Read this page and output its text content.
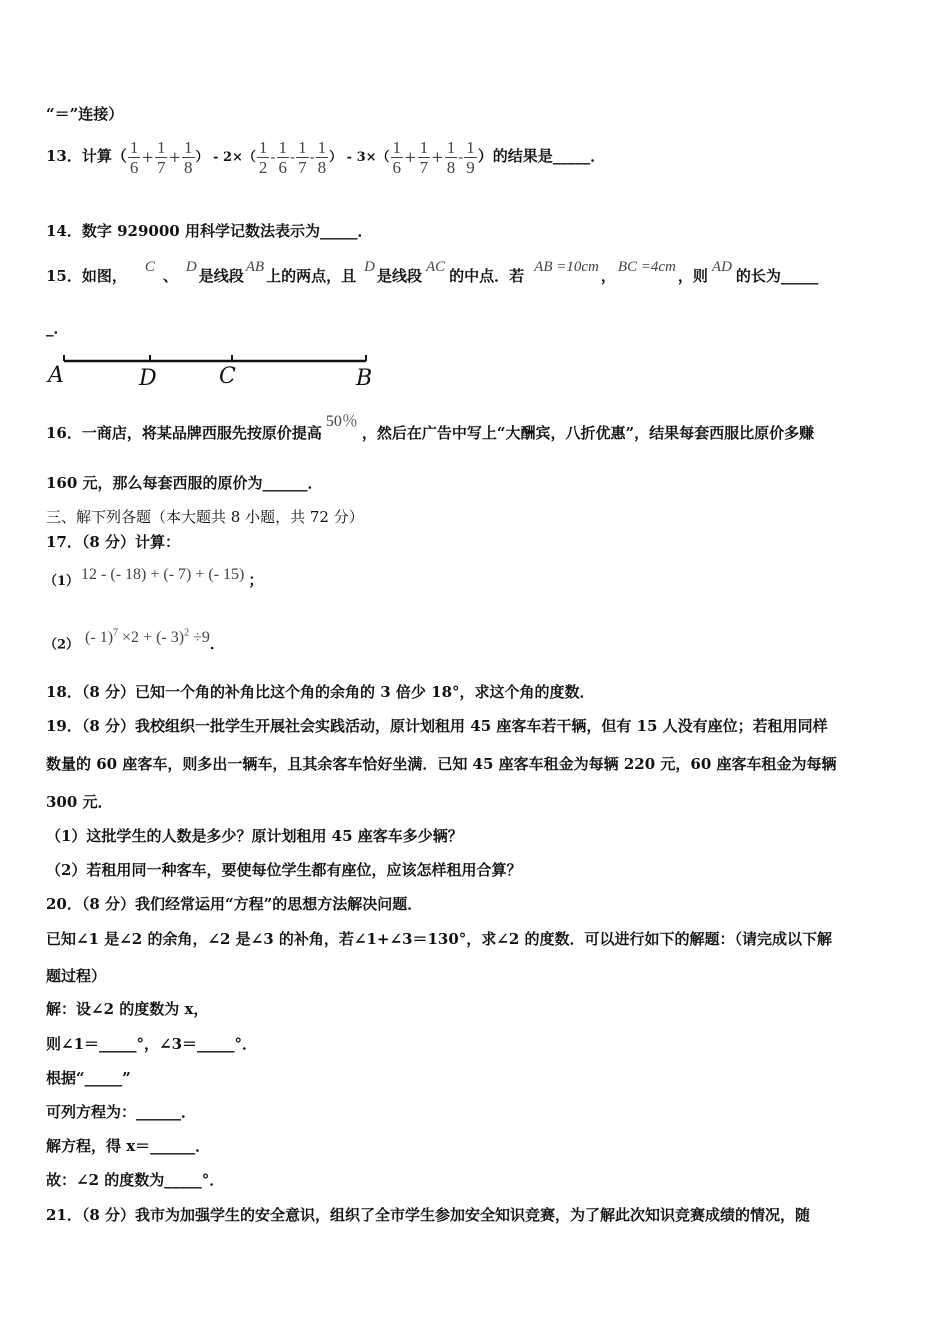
“＝”连接）
13．计算（ $\frac{1}{6} + \frac{1}{7} + \frac{1}{8}$ ） - $2\times( \frac{1}{2} - \frac{1}{6} - \frac{1}{7} - \frac{1}{8}$ ） - $3\times( \frac{1}{6} + \frac{1}{7} + \frac{1}{8} - \frac{1}{9}$ ）的结果是_____．
14．数字 929000 用科学记数法表示为_____．
15．如图， C 、 D 是线段 AB 上的两点，且 D 是线段 AC 的中点．若 AB =10cm ， BC =4cm ，则 AD 的长为_____
_．
A	D	C	B
16．一商店，将某品牌西服先按原价提高50％，然后在广告中写上“大酬宾，八折优惠”，结果每套西服比原价多赚
160 元，那么每套西服的原价为______．
三、解下列各题（本大题共 8 小题，共 72 分）
17．（8 分）计算：
（1） 12 - (- 18) + (- 7) + (- 15) ；
（2） (- 1)$^7$ ×2 + (- 3)$^2$ ÷9．
18．（8 分）已知一个角的补角比这个角的余角的 3 倍少 18°，求这个角的度数．
19．（8 分）我校组织一批学生开展社会实践活动，原计划租用 45 座客车若干辆，但有 15 人没有座位；若租用同样
数量的 60 座客车，则多出一辆车，且其余客车恰好坐满．已知 45 座客车租金为每辆 220 元，60 座客车租金为每辆
300 元．
（1）这批学生的人数是多少？原计划租用 45 座客车多少辆？
（2）若租用同一种客车，要使每位学生都有座位，应该怎样租用合算？
20．（8 分）我们经常运用“方程”的思想方法解决问题．
已知∠1 是∠2 的余角，∠2 是∠3 的补角，若∠1+∠3＝130°，求∠2 的度数．可以进行如下的解题：（请完成以下解
题过程）
解：设∠2 的度数为 x，
则∠1＝_____°，∠3＝_____°．
根据“_____”
可列方程为：______．
解方程，得 x＝______．
故：∠2 的度数为_____°．
21．（8 分）我市为加强学生的安全意识，组织了全市学生参加安全知识竞赛，为了解此次知识竞赛成绩的情况，随
